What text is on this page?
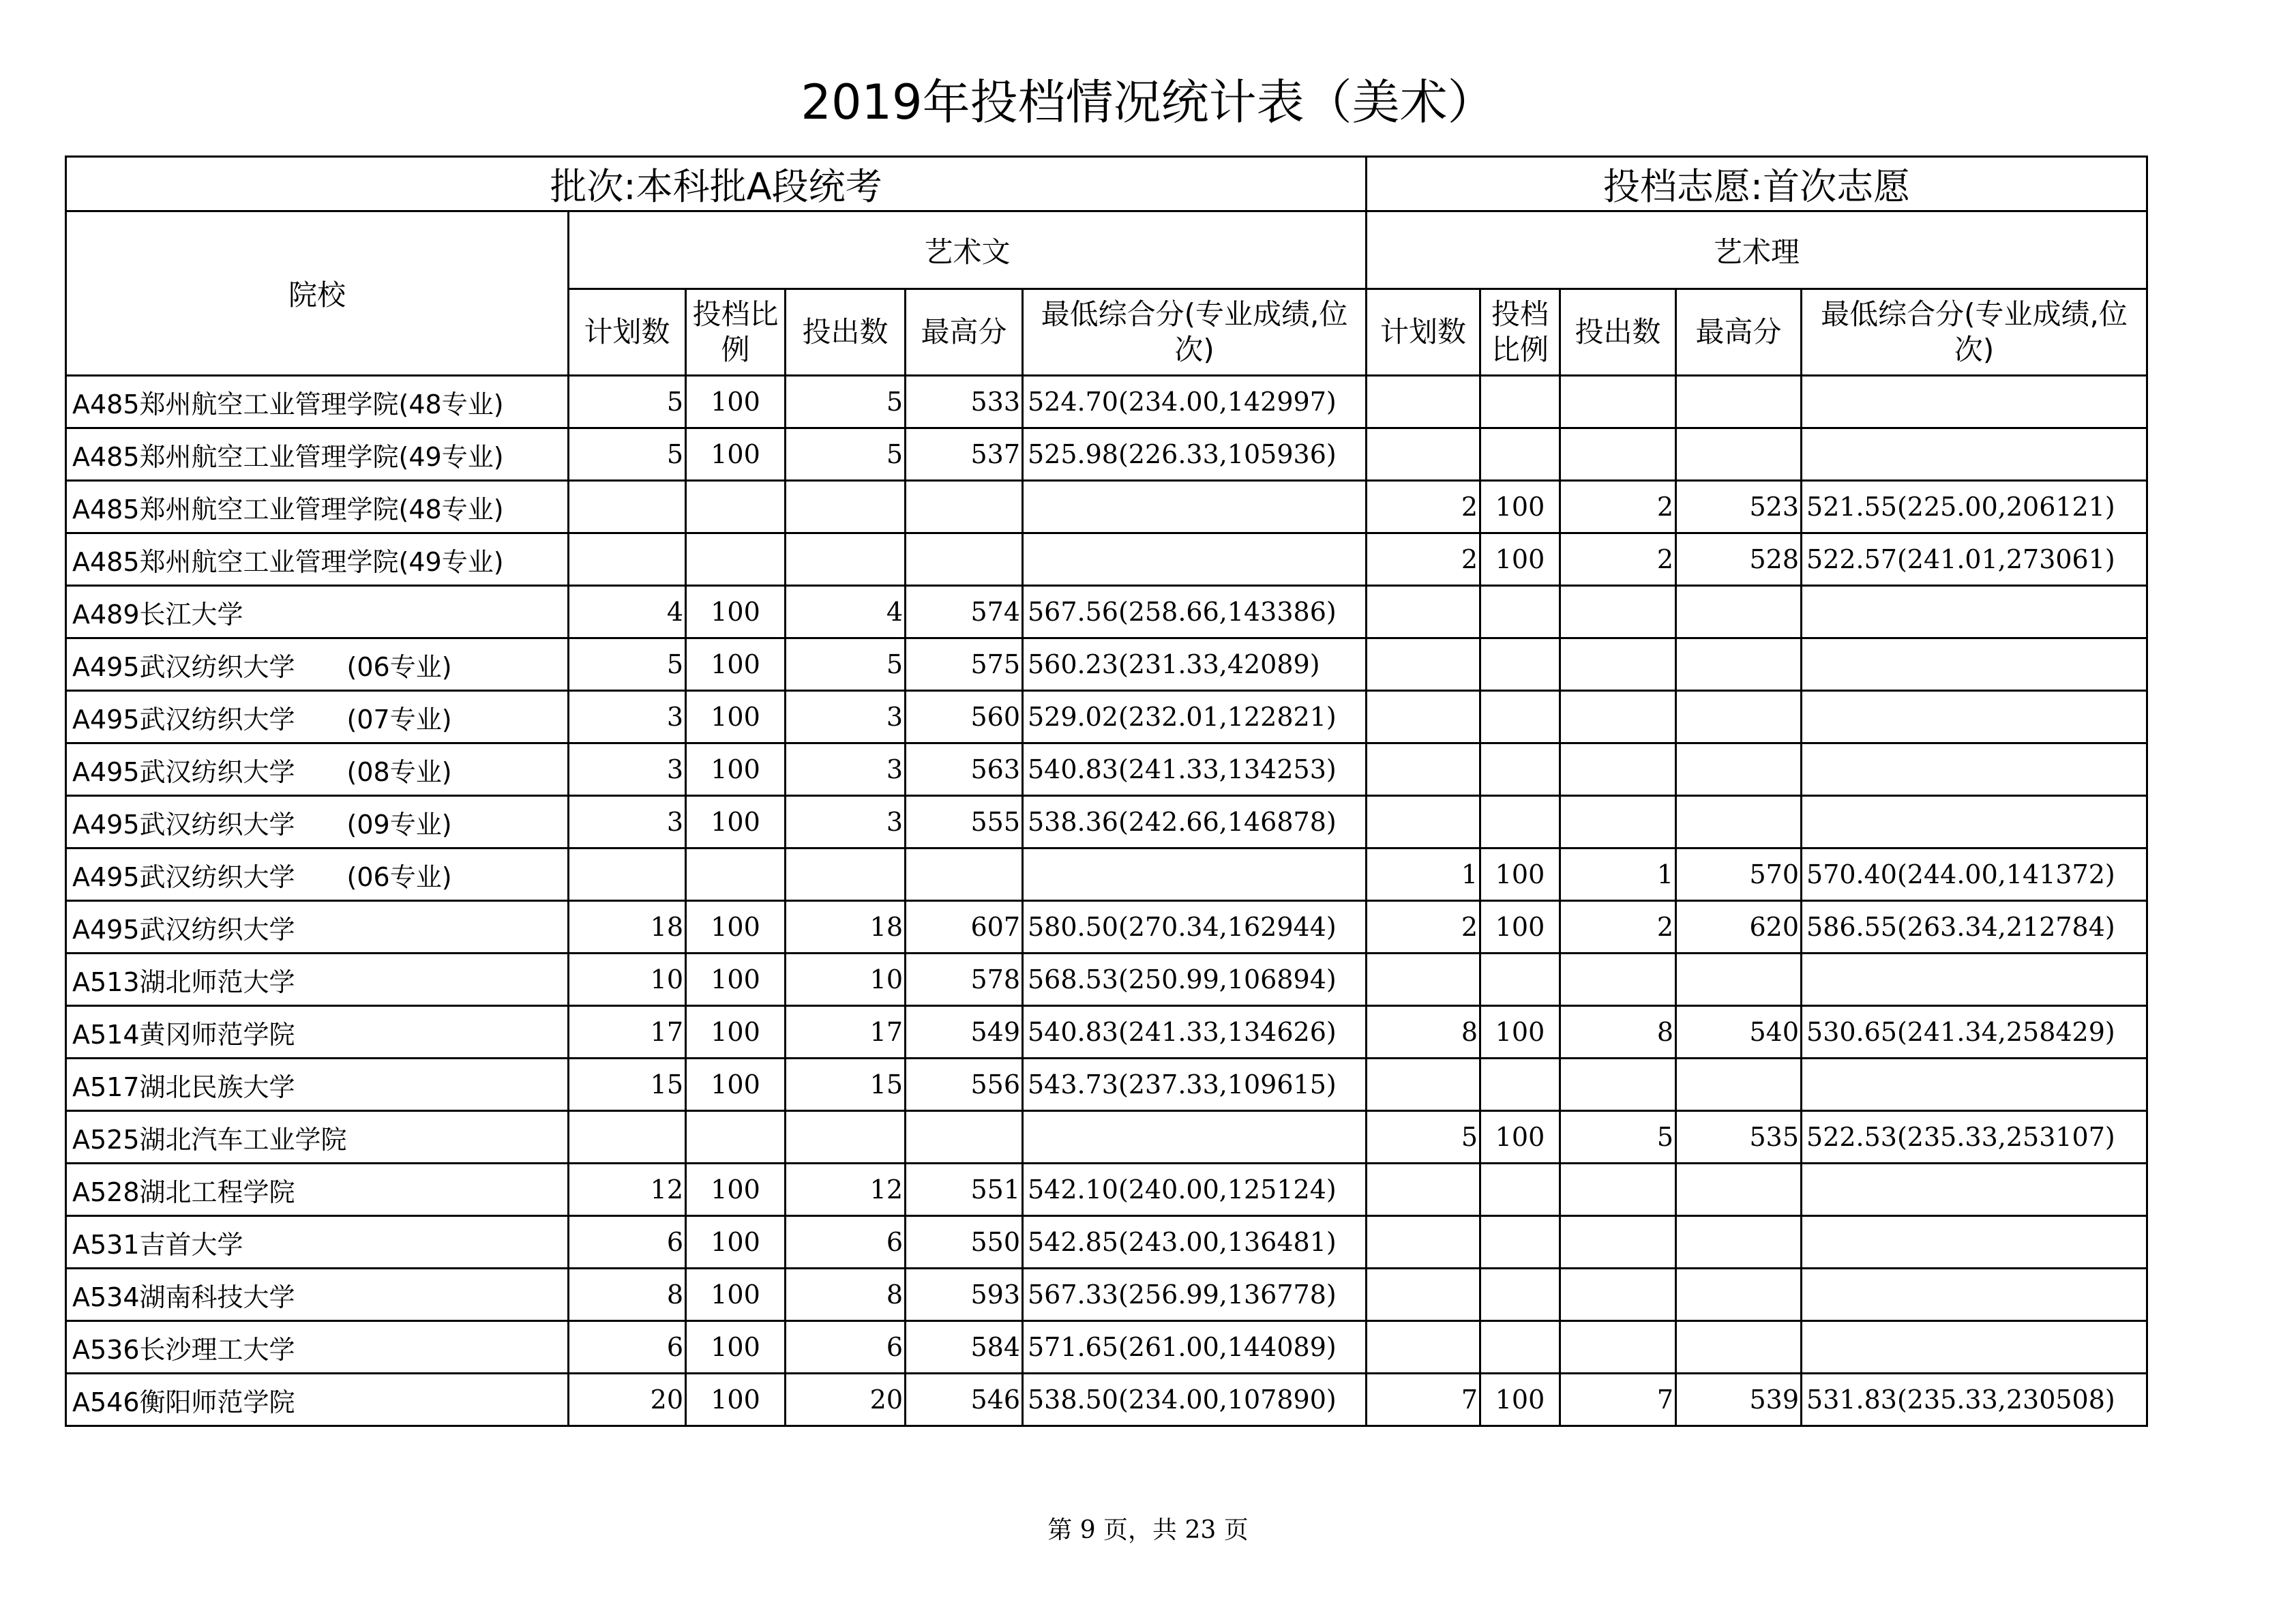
2019年投档情况统计表（美术）
批次:本科批A段统考						投档志愿:首次志愿				
院校	艺术文					艺术理				
	计划数	投档比例	投出数	最高分	最低综合分(专业成绩,位次)	计划数	投档比例	投出数	最高分	最低综合分(专业成绩,位次)
A485郑州航空工业管理学院(48专业)	5	100	5	533	524.70(234.00,142997)					
A485郑州航空工业管理学院(49专业)	5	100	5	537	525.98(226.33,105936)					
A485郑州航空工业管理学院(48专业)						2	100	2	523	521.55(225.00,206121)
A485郑州航空工业管理学院(49专业)						2	100	2	528	522.57(241.01,273061)
A489长江大学	4	100	4	574	567.56(258.66,143386)					
A495武汉纺织大学　　(06专业)	5	100	5	575	560.23(231.33,42089)					
A495武汉纺织大学　　(07专业)	3	100	3	560	529.02(232.01,122821)					
A495武汉纺织大学　　(08专业)	3	100	3	563	540.83(241.33,134253)					
A495武汉纺织大学　　(09专业)	3	100	3	555	538.36(242.66,146878)					
A495武汉纺织大学　　(06专业)						1	100	1	570	570.40(244.00,141372)
A495武汉纺织大学	18	100	18	607	580.50(270.34,162944)	2	100	2	620	586.55(263.34,212784)
A513湖北师范大学	10	100	10	578	568.53(250.99,106894)					
A514黄冈师范学院	17	100	17	549	540.83(241.33,134626)	8	100	8	540	530.65(241.34,258429)
A517湖北民族大学	15	100	15	556	543.73(237.33,109615)					
A525湖北汽车工业学院						5	100	5	535	522.53(235.33,253107)
A528湖北工程学院	12	100	12	551	542.10(240.00,125124)					
A531吉首大学	6	100	6	550	542.85(243.00,136481)					
A534湖南科技大学	8	100	8	593	567.33(256.99,136778)					
A536长沙理工大学	6	100	6	584	571.65(261.00,144089)					
A546衡阳师范学院	20	100	20	546	538.50(234.00,107890)	7	100	7	539	531.83(235.33,230508)
第 9 页，共 23 页
